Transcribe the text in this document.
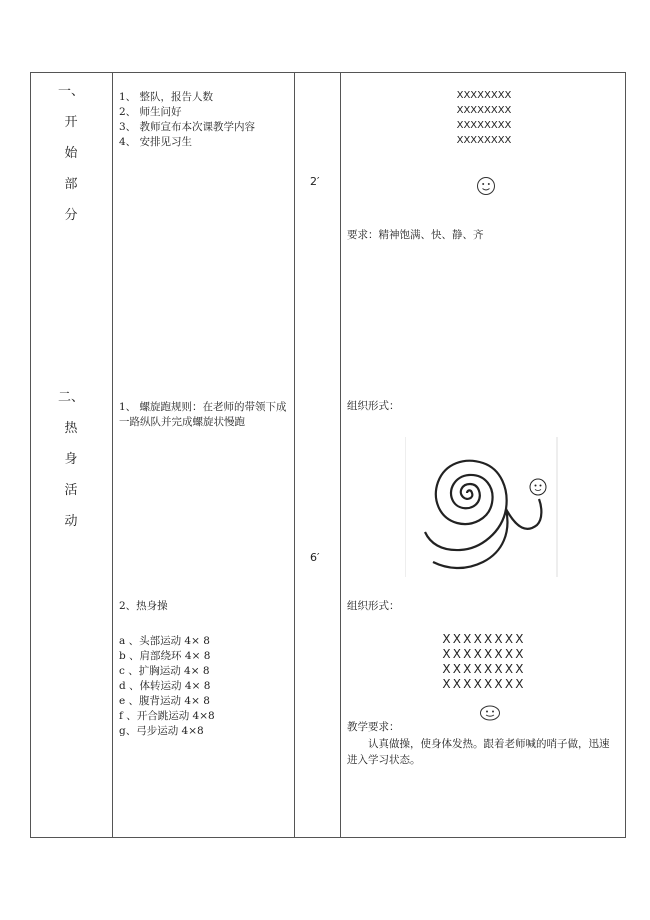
一、
开
始
部
分
二、
热
身
活
动
1、 整队，报告人数
2、 师生问好
3、 教师宣布本次课教学内容
4、 安排见习生
2′
XXXXXXXX
XXXXXXXX
XXXXXXXX
XXXXXXXX
要求：精神饱满、快、静、齐
1、 螺旋跑规则：在老师的带领下成一路纵队并完成螺旋状慢跑
组织形式：
6′
2、热身操
a 、头部运动 4× 8
b 、肩部绕环 4× 8
c 、扩胸运动 4× 8
d 、体转运动 4× 8
e 、腹背运动 4× 8
f 、开合跳运动 4×8
g、弓步运动 4×8
组织形式：
XXXXXXXX
XXXXXXXX
XXXXXXXX
XXXXXXXX
教学要求：
认真做操，使身体发热。跟着老师喊的哨子做，迅速进入学习状态。
